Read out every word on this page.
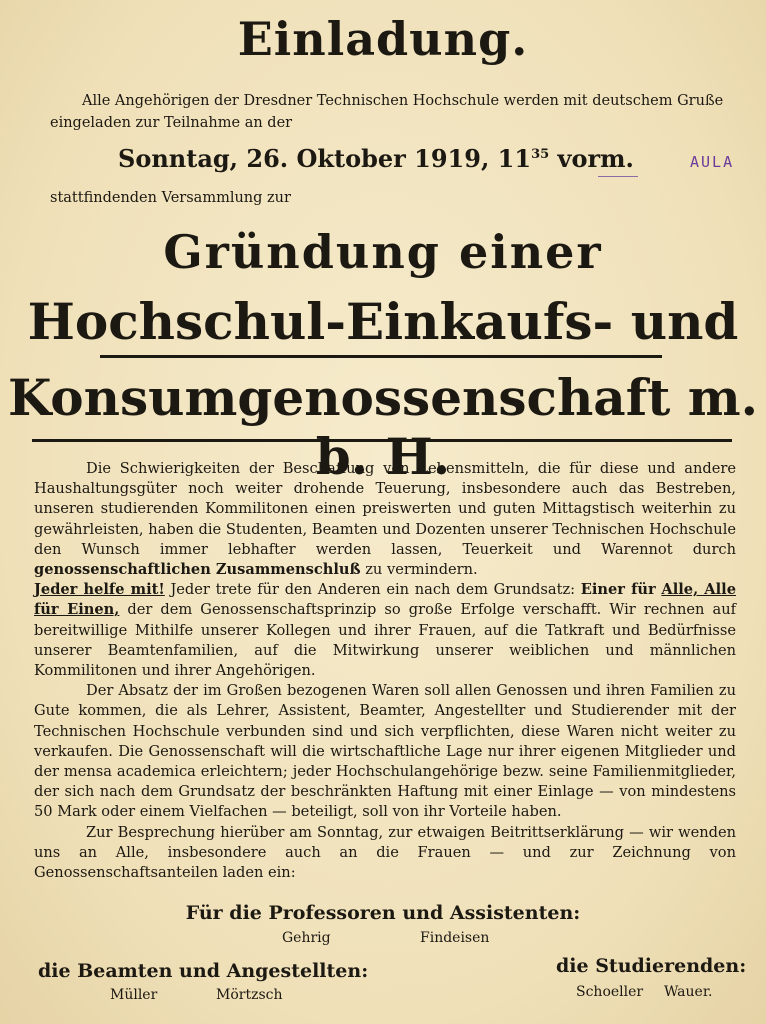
Einladung.
Alle Angehörigen der Dresdner Technischen Hochschule werden mit deutschem Gruße eingeladen zur Teilnahme an der
Sonntag, 26. Oktober 1919, $11^{35}$ vorm.	AULA
stattfindenden Versammlung zur
Gründung einer
Hochschul-Einkaufs- und
Konsumgenossenschaft m. b. H.

Die Schwierigkeiten der Beschaffung von Lebensmitteln, die für diese und andere Haushaltungsgüter noch weiter drohende Teuerung, insbesondere auch das Bestreben, unseren studierenden Kommilitonen einen preiswerten und guten Mittagstisch weiterhin zu gewährleisten, haben die Studenten, Beamten und Dozenten unserer Technischen Hochschule den Wunsch immer lebhafter werden lassen, Teuerkeit und Warennot durch genossenschaftlichen Zusammenschluß zu vermindern.

Jeder helfe mit! Jeder trete für den Anderen ein nach dem Grundsatz: Einer für Alle, Alle für Einen, der dem Genossenschaftsprinzip so große Erfolge verschafft. Wir rechnen auf bereitwillige Mithilfe unserer Kollegen und ihrer Frauen, auf die Tatkraft und Bedürfnisse unserer Beamtenfamilien, auf die Mitwirkung unserer weiblichen und männlichen Kommilitonen und ihrer Angehörigen.

Der Absatz der im Großen bezogenen Waren soll allen Genossen und ihren Familien zu Gute kommen, die als Lehrer, Assistent, Beamter, Angestellter und Studierender mit der Technischen Hochschule verbunden sind und sich verpflichten, diese Waren nicht weiter zu verkaufen. Die Genossenschaft will die wirtschaftliche Lage nur ihrer eigenen Mitglieder und der mensa academica erleichtern; jeder Hochschulangehörige bezw. seine Familienmitglieder, der sich nach dem Grundsatz der beschränkten Haftung mit einer Einlage — von mindestens 50 Mark oder einem Vielfachen — beteiligt, soll von ihr Vorteile haben.

Zur Besprechung hierüber am Sonntag, zur etwaigen Beitrittserklärung — wir wenden uns an Alle, insbesondere auch an die Frauen — und zur Zeichnung von Genossenschaftsanteilen laden ein:

Für die Professoren und Assistenten:
Gehrig	Findeisen
die Beamten und Angestellten:
Müller	Mörtzsch
die Studierenden:
Schoeller Wauer.
